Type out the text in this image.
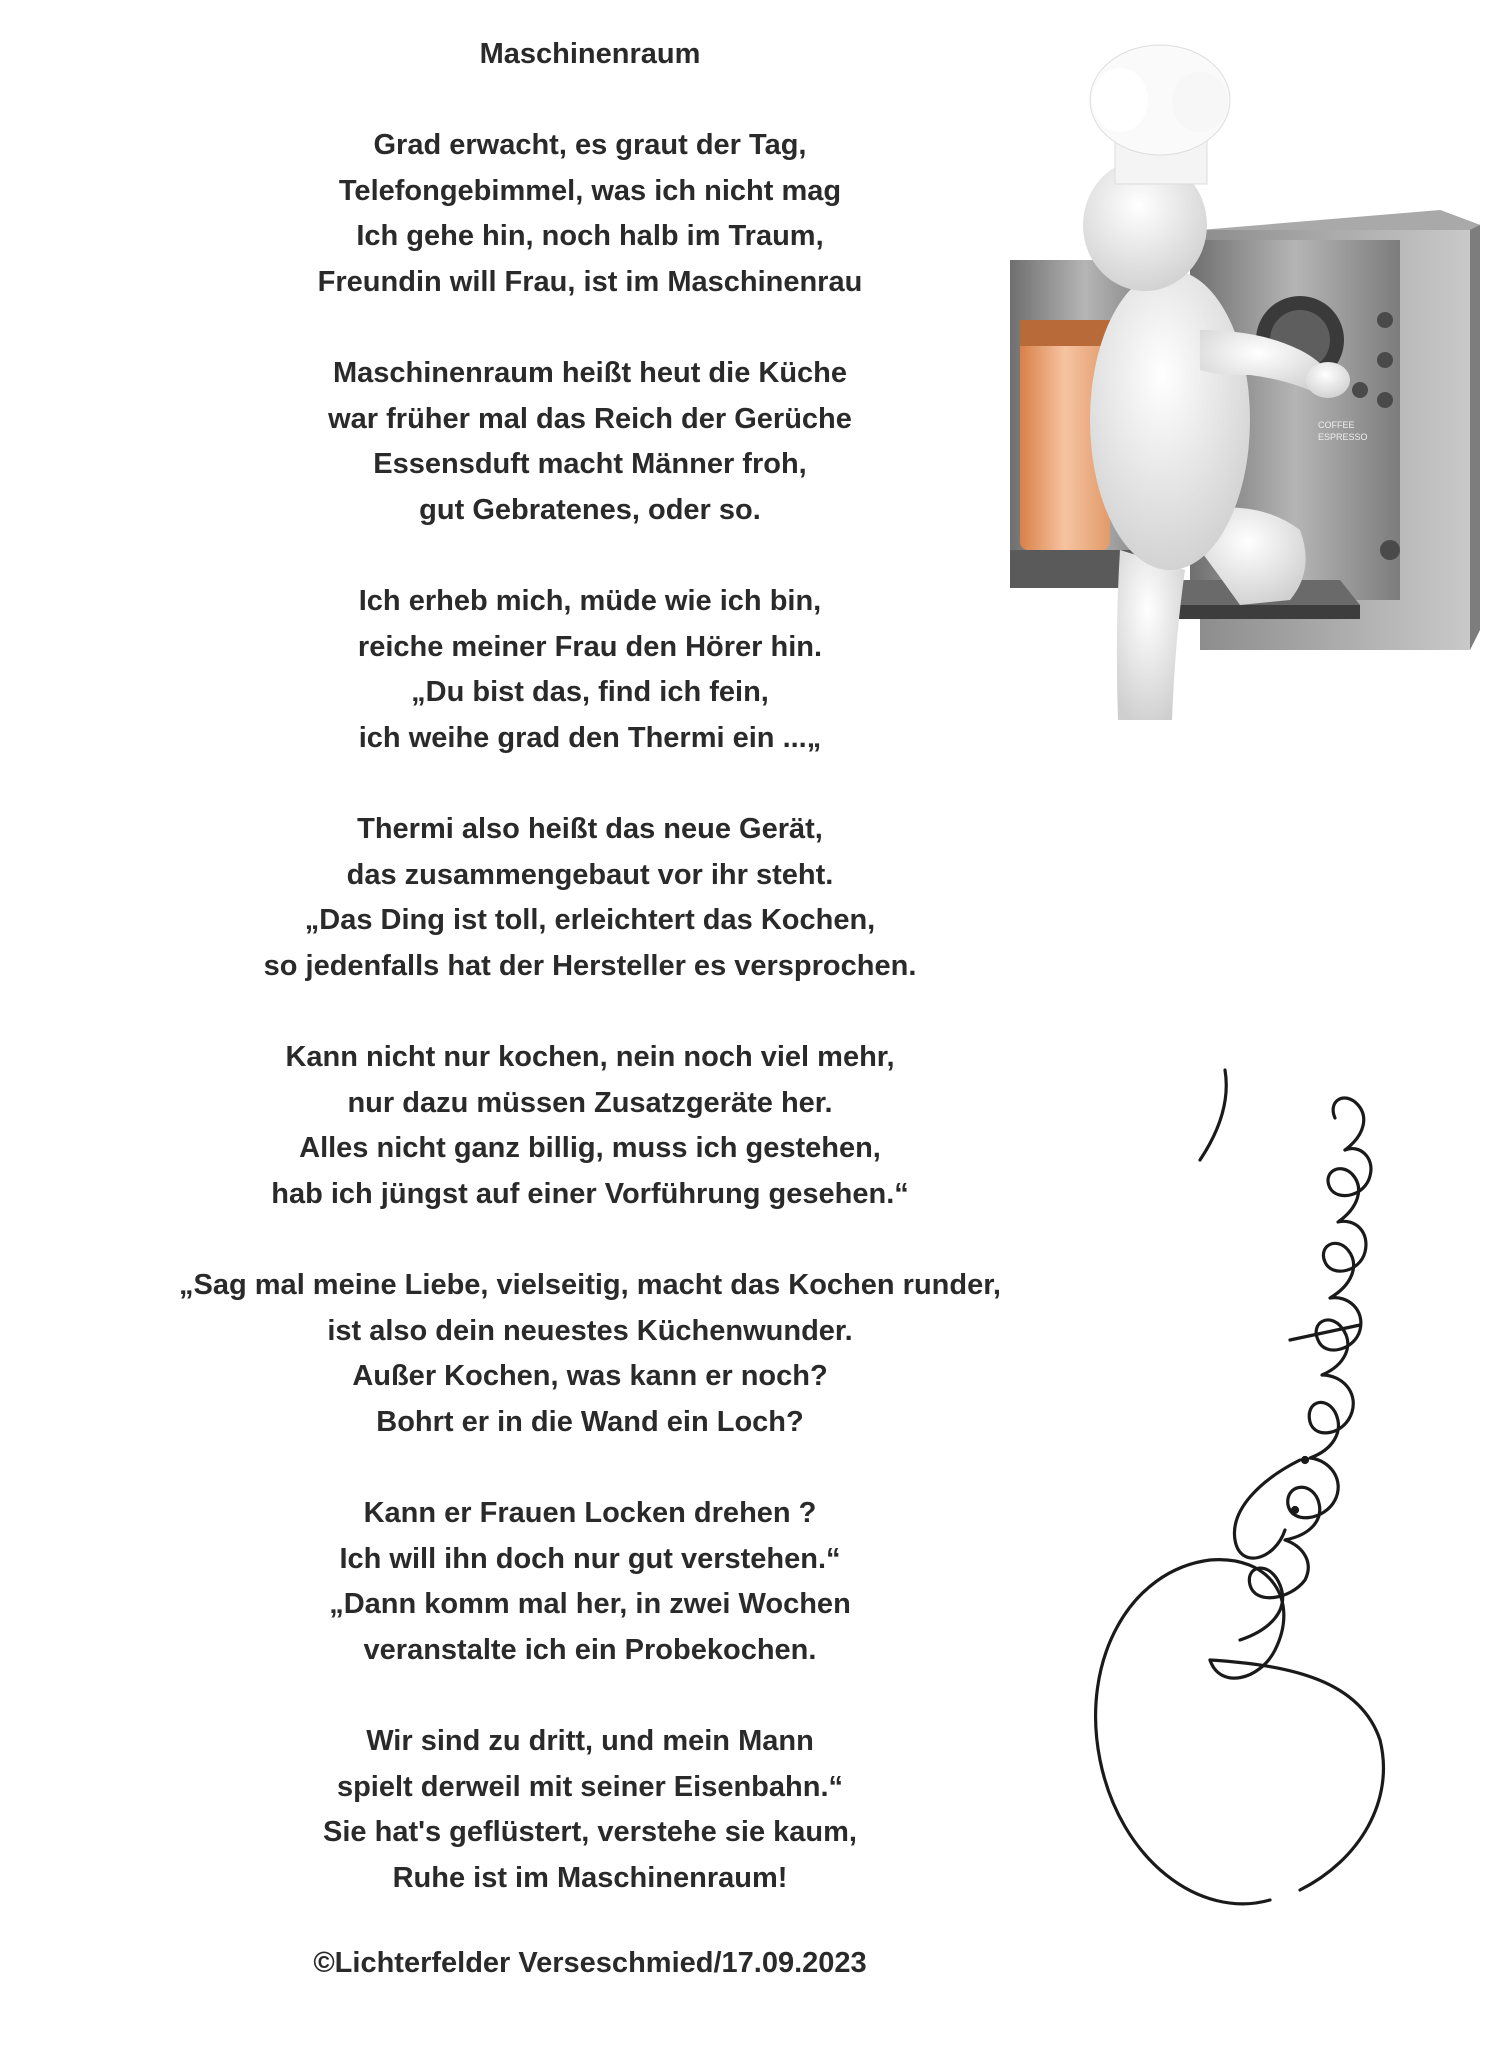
Maschinenraum
Grad erwacht, es graut der Tag,
Telefongebimmel, was ich nicht mag
Ich gehe hin, noch halb im Traum,
Freundin will Frau, ist im Maschinenrau
Maschinenraum heißt heut die Küche
war früher mal das Reich der Gerüche
Essensduft macht Männer froh,
gut Gebratenes, oder so.
Ich erheb mich, müde wie ich bin,
reiche meiner Frau den Hörer hin.
„Du bist das, find ich fein,
ich weihe grad den Thermi ein ...„
Thermi also heißt das neue Gerät,
das zusammengebaut vor ihr steht.
„Das Ding ist toll, erleichtert das Kochen,
so jedenfalls hat der Hersteller es versprochen.
Kann nicht nur kochen, nein noch viel mehr,
nur dazu müssen Zusatzgeräte her.
Alles nicht ganz billig, muss ich gestehen,
hab ich jüngst auf einer Vorführung gesehen.“
„Sag mal meine Liebe, vielseitig, macht das Kochen runder,
ist also dein neuestes Küchenwunder.
Außer Kochen, was kann er noch?
Bohrt er in die Wand ein Loch?
Kann er Frauen Locken drehen ?
Ich will ihn doch nur gut verstehen.“
„Dann komm mal her, in zwei Wochen
veranstalte ich ein Probekochen.
Wir sind zu dritt, und mein Mann
spielt derweil mit seiner Eisenbahn.“
Sie hat's geflüstert, verstehe sie kaum,
Ruhe ist im Maschinenraum!
©Lichterfelder Verseschmied/17.09.2023
COFFEE
ESPRESSO
